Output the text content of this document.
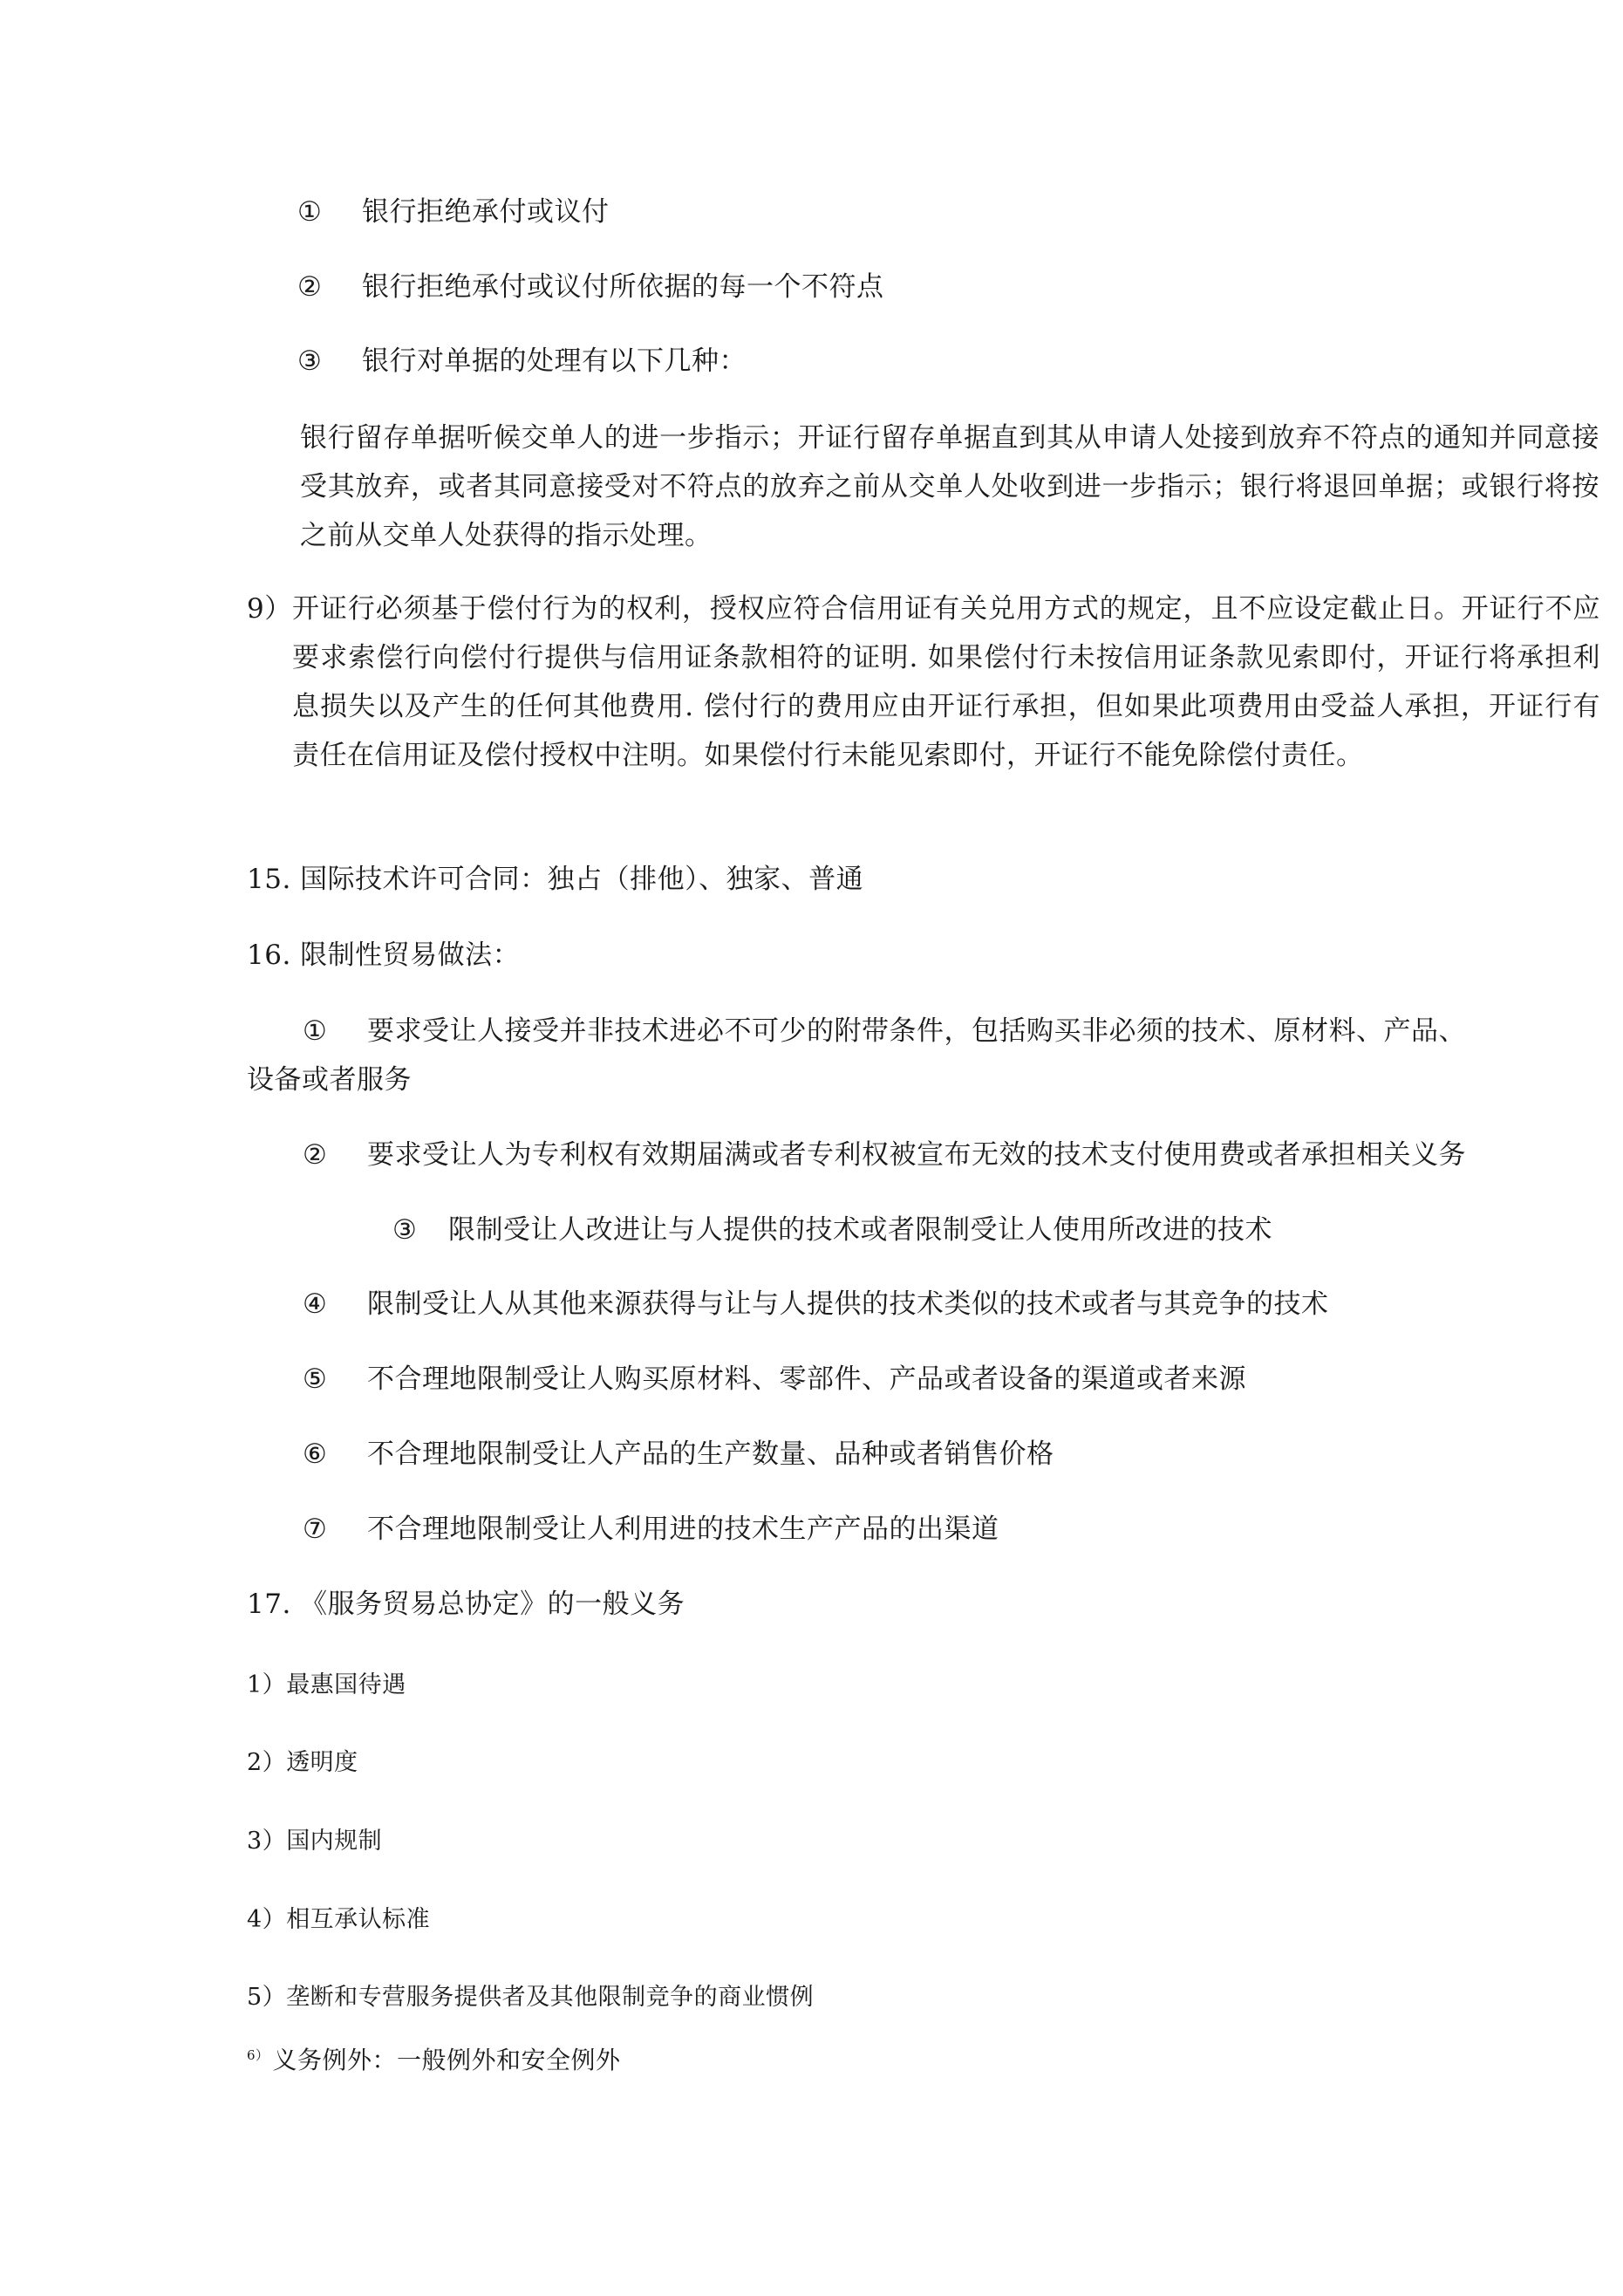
① 银行拒绝承付或议付
② 银行拒绝承付或议付所依据的每一个不符点
③ 银行对单据的处理有以下几种：
银行留存单据听候交单人的进一步指示；开证行留存单据直到其从申请人处接到放弃不符点的通知并同意接受其放弃，或者其同意接受对不符点的放弃之前从交单人处收到进一步指示；银行将退回单据；或银行将按之前从交单人处获得的指示处理。
9） 开证行必须基于偿付行为的权利，授权应符合信用证有关兑用方式的规定，且不应设定截止日。开证行不应要求索偿行向偿付行提供与信用证条款相符的证明. 如果偿付行未按信用证条款见索即付，开证行将承担利息损失以及产生的任何其他费用. 偿付行的费用应由开证行承担，但如果此项费用由受益人承担，开证行有责任在信用证及偿付授权中注明。如果偿付行未能见索即付，开证行不能免除偿付责任。
15. 国际技术许可合同：独占（排他）、独家、普通
16. 限制性贸易做法：
① 要求受让人接受并非技术进必不可少的附带条件，包括购买非必须的技术、原材料、产品、
设备或者服务
② 要求受让人为专利权有效期届满或者专利权被宣布无效的技术支付使用费或者承担相关义务
③ 限制受让人改进让与人提供的技术或者限制受让人使用所改进的技术
④ 限制受让人从其他来源获得与让与人提供的技术类似的技术或者与其竞争的技术
⑤ 不合理地限制受让人购买原材料、零部件、产品或者设备的渠道或者来源
⑥ 不合理地限制受让人产品的生产数量、品种或者销售价格
⑦ 不合理地限制受让人利用进的技术生产产品的出渠道
17. 《服务贸易总协定》的一般义务
1）最惠国待遇
2）透明度
3）国内规制
4）相互承认标准
5）垄断和专营服务提供者及其他限制竞争的商业惯例
$^{6)}$ 义务例外：一般例外和安全例外
